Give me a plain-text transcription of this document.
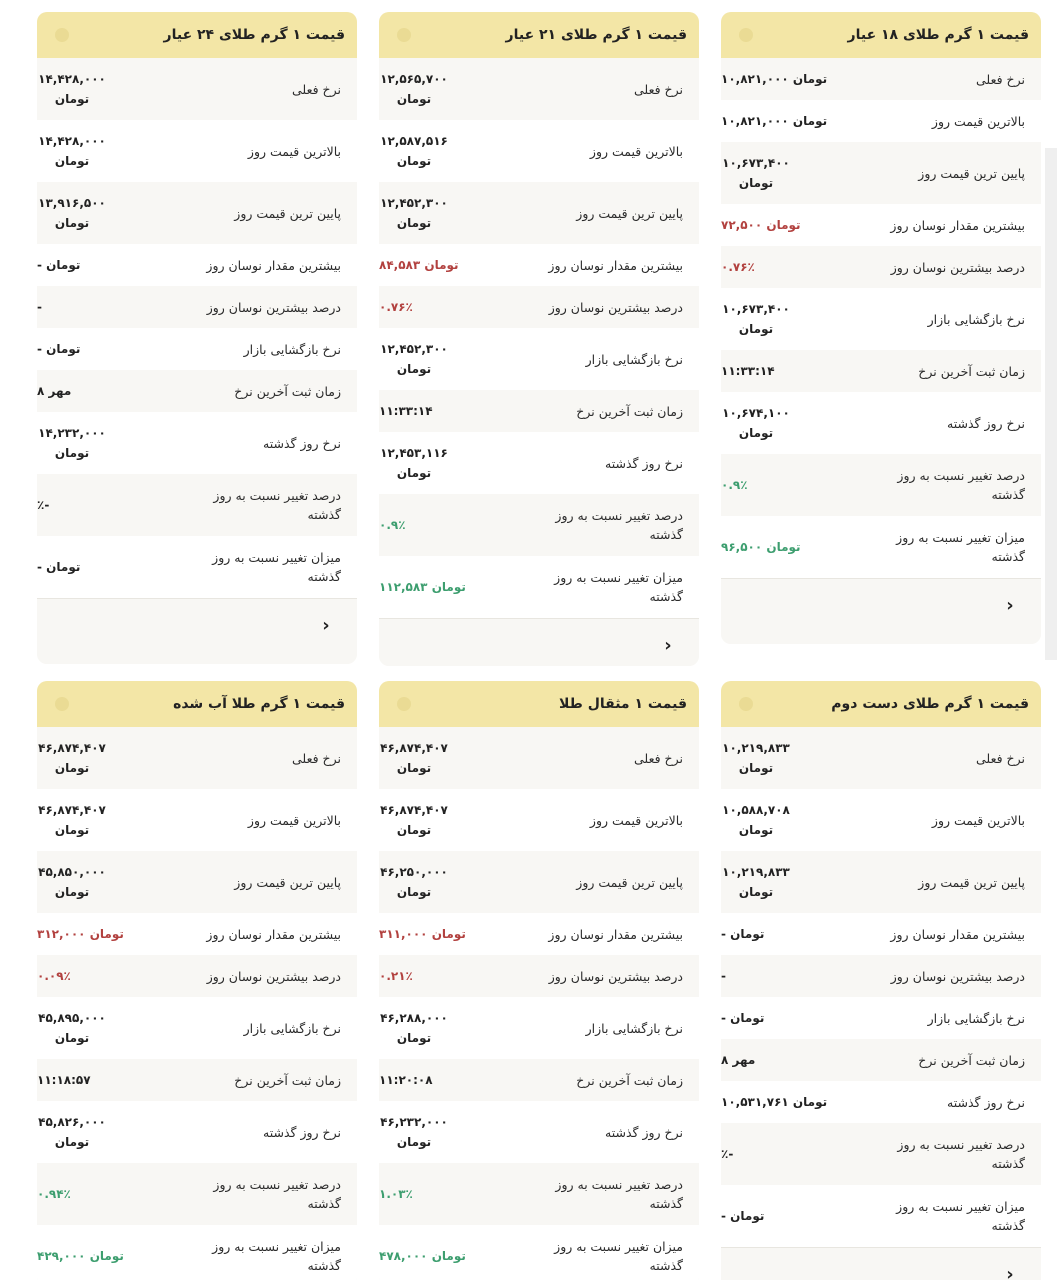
قیمت ۱ گرم طلای ۱۸ عیار
نرخ فعلی
۱۰,۸۲۱,۰۰۰ تومان
بالاترین قیمت روز
۱۰,۸۲۱,۰۰۰ تومان
پایین ترین قیمت روز
۱۰,۶۷۳,۴۰۰ تومان
بیشترین مقدار نوسان روز
۷۲,۵۰۰ تومان
درصد بیشترین نوسان روز
۰.۷۶٪
نرخ بازگشایی بازار
۱۰,۶۷۳,۴۰۰ تومان
زمان ثبت آخرین نرخ
۱۱:۳۳:۱۴
نرخ روز گذشته
۱۰,۶۷۴,۱۰۰ تومان
درصد تغییر نسبت به روز گذشته
۰.۹٪
میزان تغییر نسبت به روز گذشته
۹۶,۵۰۰ تومان
‹
قیمت ۱ گرم طلای ۲۱ عیار
نرخ فعلی
۱۲,۵۶۵,۷۰۰ تومان
بالاترین قیمت روز
۱۲,۵۸۷,۵۱۶ تومان
پایین ترین قیمت روز
۱۲,۴۵۲,۳۰۰ تومان
بیشترین مقدار نوسان روز
۸۴,۵۸۳ تومان
درصد بیشترین نوسان روز
۰.۷۶٪
نرخ بازگشایی بازار
۱۲,۴۵۲,۳۰۰ تومان
زمان ثبت آخرین نرخ
۱۱:۳۳:۱۴
نرخ روز گذشته
۱۲,۴۵۳,۱۱۶ تومان
درصد تغییر نسبت به روز گذشته
۰.۹٪
میزان تغییر نسبت به روز گذشته
۱۱۲,۵۸۳ تومان
‹
قیمت ۱ گرم طلای ۲۴ عیار
نرخ فعلی
۱۴,۴۲۸,۰۰۰ تومان
بالاترین قیمت روز
۱۴,۴۲۸,۰۰۰ تومان
پایین ترین قیمت روز
۱۳,۹۱۶,۵۰۰ تومان
بیشترین مقدار نوسان روز
- تومان
درصد بیشترین نوسان روز
-
نرخ بازگشایی بازار
- تومان
زمان ثبت آخرین نرخ
۸ مهر
نرخ روز گذشته
۱۴,۲۳۲,۰۰۰ تومان
درصد تغییر نسبت به روز گذشته
٪-
میزان تغییر نسبت به روز گذشته
- تومان
‹
قیمت ۱ گرم طلای دست دوم
نرخ فعلی
۱۰,۲۱۹,۸۳۳ تومان
بالاترین قیمت روز
۱۰,۵۸۸,۷۰۸ تومان
پایین ترین قیمت روز
۱۰,۲۱۹,۸۳۳ تومان
بیشترین مقدار نوسان روز
- تومان
درصد بیشترین نوسان روز
-
نرخ بازگشایی بازار
- تومان
زمان ثبت آخرین نرخ
۸ مهر
نرخ روز گذشته
۱۰,۵۳۱,۷۶۱ تومان
درصد تغییر نسبت به روز گذشته
٪-
میزان تغییر نسبت به روز گذشته
- تومان
‹
قیمت ۱ مثقال طلا
نرخ فعلی
۴۶,۸۷۴,۴۰۷ تومان
بالاترین قیمت روز
۴۶,۸۷۴,۴۰۷ تومان
پایین ترین قیمت روز
۴۶,۲۵۰,۰۰۰ تومان
بیشترین مقدار نوسان روز
۳۱۱,۰۰۰ تومان
درصد بیشترین نوسان روز
۰.۲۱٪
نرخ بازگشایی بازار
۴۶,۲۸۸,۰۰۰ تومان
زمان ثبت آخرین نرخ
۱۱:۲۰:۰۸
نرخ روز گذشته
۴۶,۲۳۲,۰۰۰ تومان
درصد تغییر نسبت به روز گذشته
۱.۰۳٪
میزان تغییر نسبت به روز گذشته
۴۷۸,۰۰۰ تومان
قیمت ۱ گرم طلا آب شده
نرخ فعلی
۴۶,۸۷۴,۴۰۷ تومان
بالاترین قیمت روز
۴۶,۸۷۴,۴۰۷ تومان
پایین ترین قیمت روز
۴۵,۸۵۰,۰۰۰ تومان
بیشترین مقدار نوسان روز
۳۱۲,۰۰۰ تومان
درصد بیشترین نوسان روز
۰.۰۹٪
نرخ بازگشایی بازار
۴۵,۸۹۵,۰۰۰ تومان
زمان ثبت آخرین نرخ
۱۱:۱۸:۵۷
نرخ روز گذشته
۴۵,۸۲۶,۰۰۰ تومان
درصد تغییر نسبت به روز گذشته
۰.۹۴٪
میزان تغییر نسبت به روز گذشته
۴۲۹,۰۰۰ تومان
